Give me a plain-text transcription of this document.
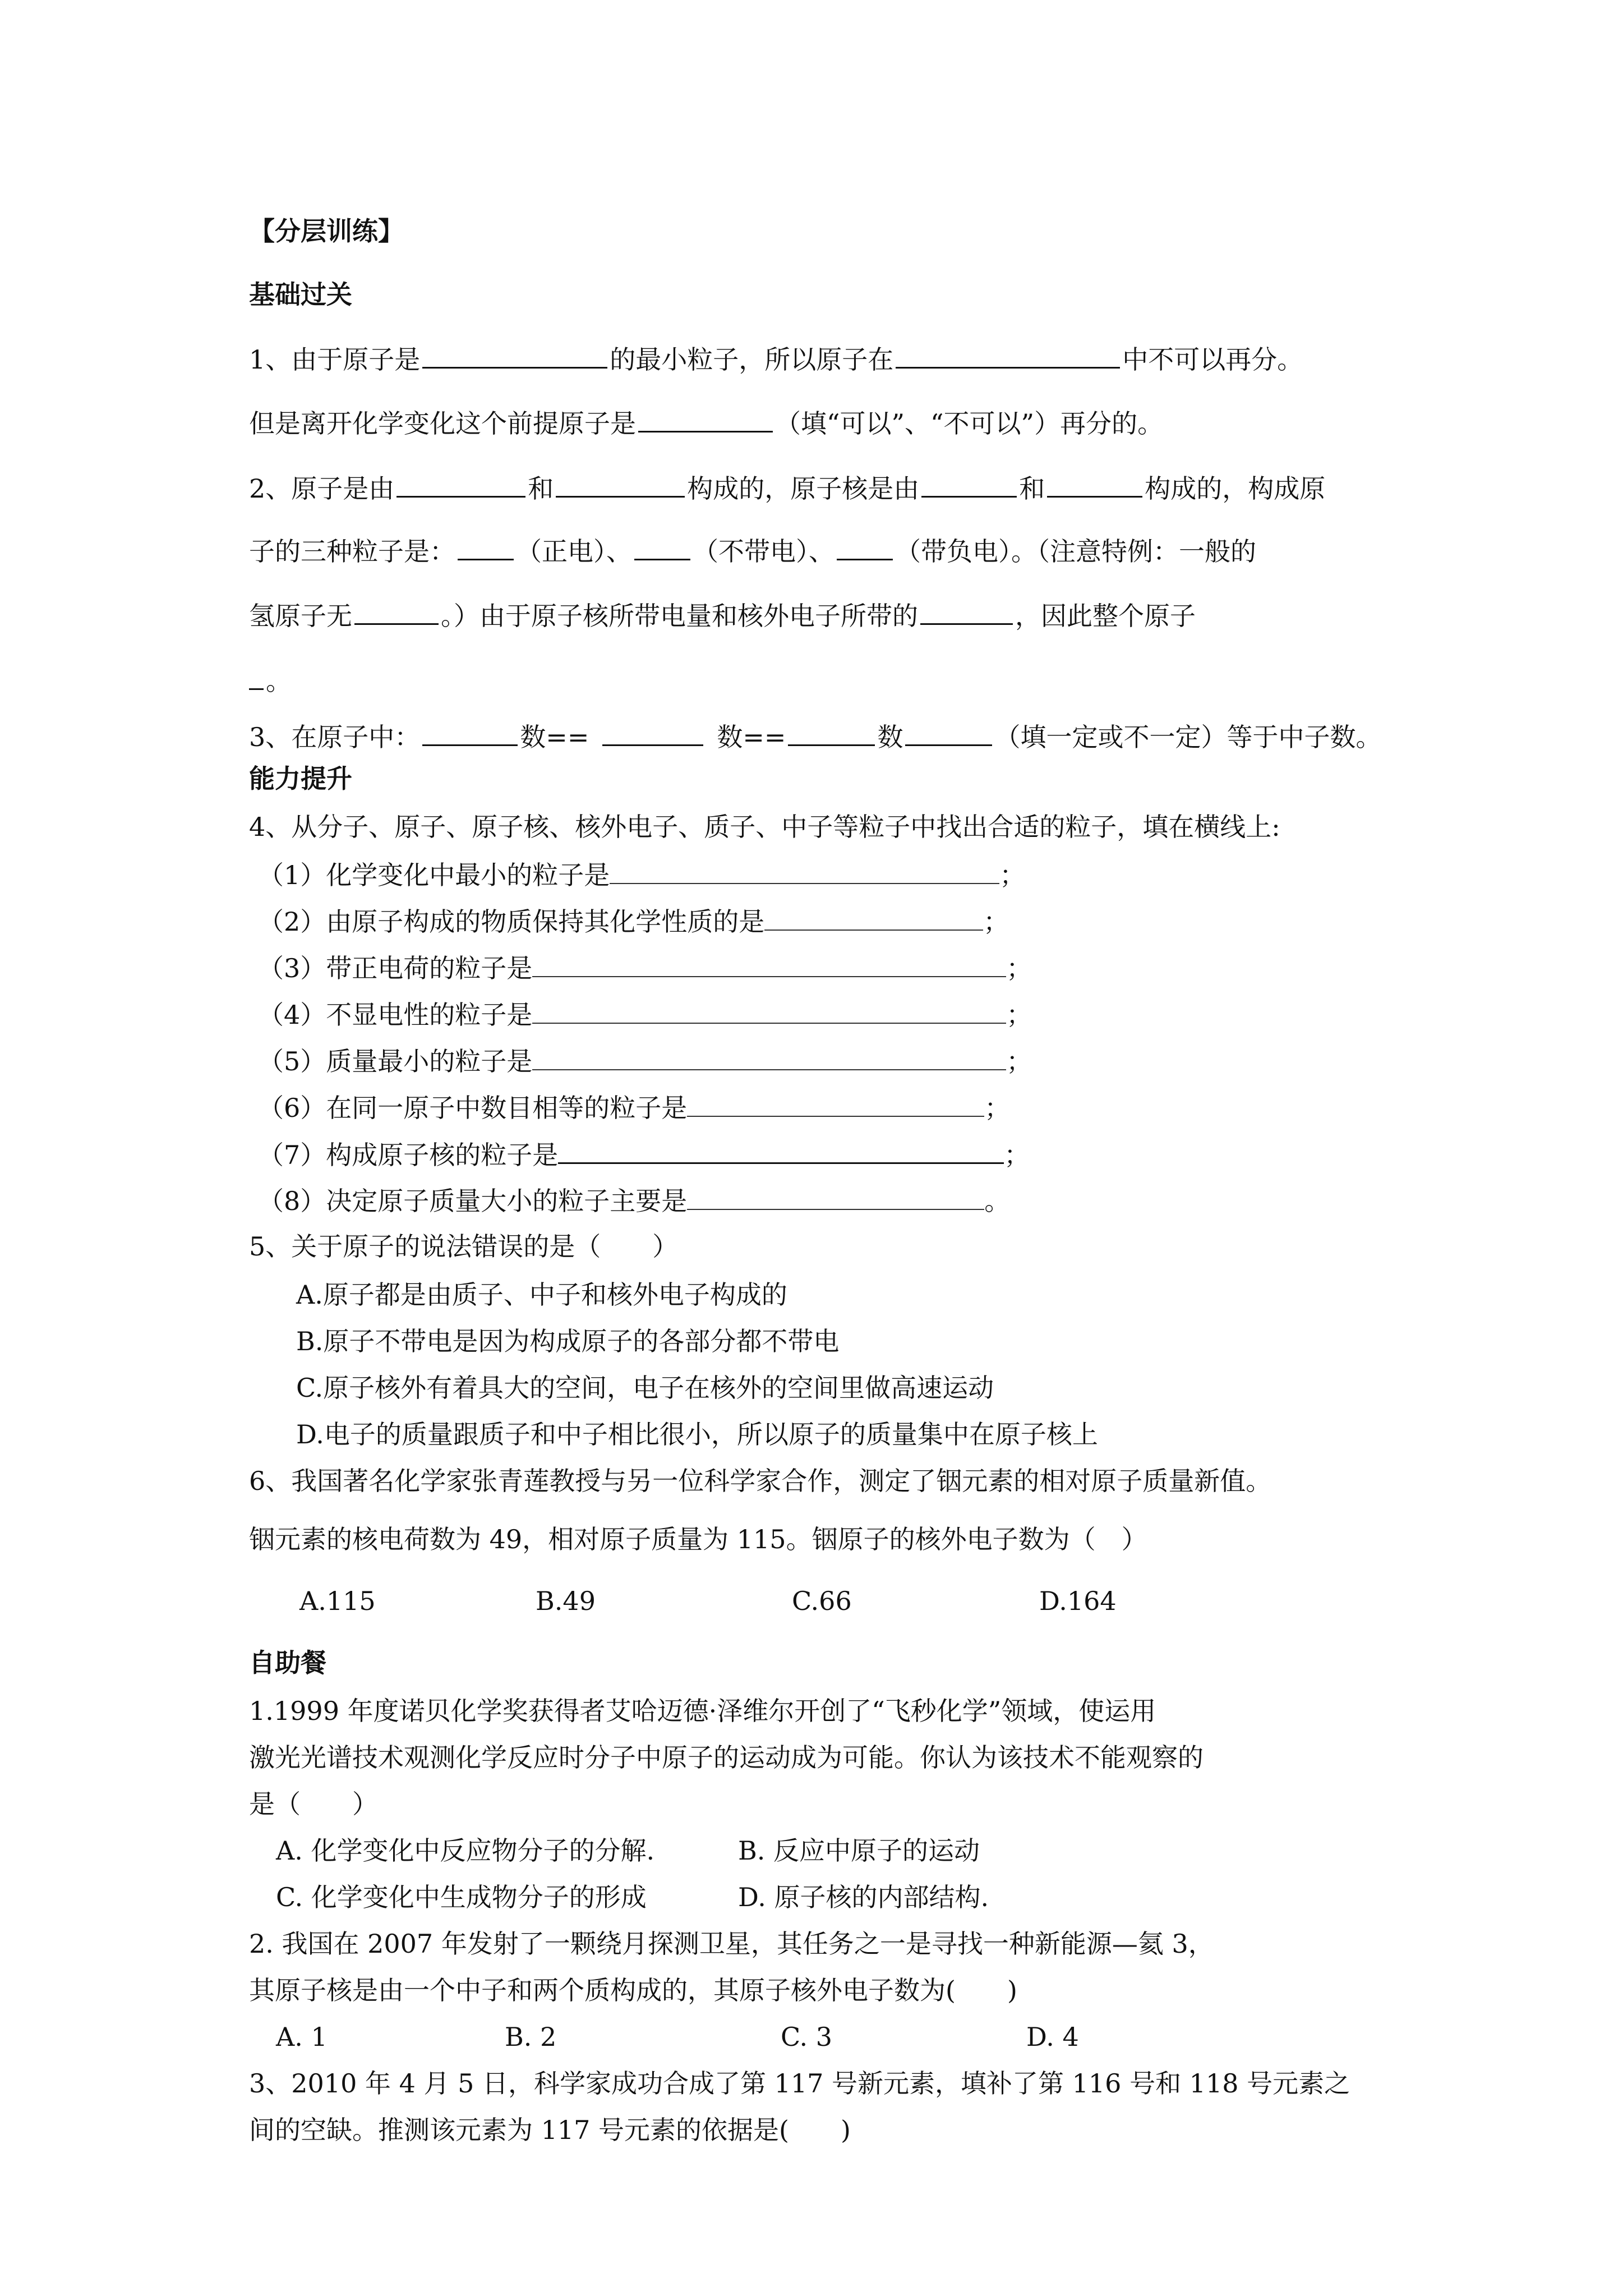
【分层训练】
基础过关
1、由于原子是	的最小粒子，所以原子在	中不可以再分。
但是离开化学变化这个前提原子是	（填“可以”、“不可以”）再分的。
2、原子是由	和	构成的，原子核是由	和	构成的，构成原
子的三种粒子是： （正电）、 （不带电）、 （带负电）。（注意特例：一般的
氢原子无	。）由于原子核所带电量和核外电子所带的	，因此整个原子
。
3、在原子中：	数==	数==	数	（填一定或不一定）等于中子数。
能力提升
4、从分子、原子、原子核、核外电子、质子、中子等粒子中找出合适的粒子，填在横线上:
（1）化学变化中最小的粒子是	；
（2）由原子构成的物质保持其化学性质的是	；
（3）带正电荷的粒子是	；
（4）不显电性的粒子是	；
（5）质量最小的粒子是	；
（6）在同一原子中数目相等的粒子是	；
（7）构成原子核的粒子是	；
（8）决定原子质量大小的粒子主要是	。
5、关于原子的说法错误的是（　　）
A.原子都是由质子、中子和核外电子构成的
B.原子不带电是因为构成原子的各部分都不带电
C.原子核外有着具大的空间，电子在核外的空间里做高速运动
D.电子的质量跟质子和中子相比很小，所以原子的质量集中在原子核上
6、我国著名化学家张青莲教授与另一位科学家合作，测定了铟元素的相对原子质量新值。
铟元素的核电荷数为 49，相对原子质量为 115。铟原子的核外电子数为（　）
A.115	B.49	C.66	D.164
自助餐
1.1999 年度诺贝化学奖获得者艾哈迈德·泽维尔开创了“飞秒化学”领域，使运用
激光光谱技术观测化学反应时分子中原子的运动成为可能。你认为该技术不能观察的
是（　　）
A. 化学变化中反应物分子的分解.	B. 反应中原子的运动
C. 化学变化中生成物分子的形成	D. 原子核的内部结构.
2. 我国在 2007 年发射了一颗绕月探测卫星，其任务之一是寻找一种新能源—氦 3，
其原子核是由一个中子和两个质构成的，其原子核外电子数为(　　)
A. 1	B. 2	C. 3	D. 4
3、2010 年 4 月 5 日，科学家成功合成了第 117 号新元素，填补了第 116 号和 118 号元素之
间的空缺。推测该元素为 117 号元素的依据是(　　)
